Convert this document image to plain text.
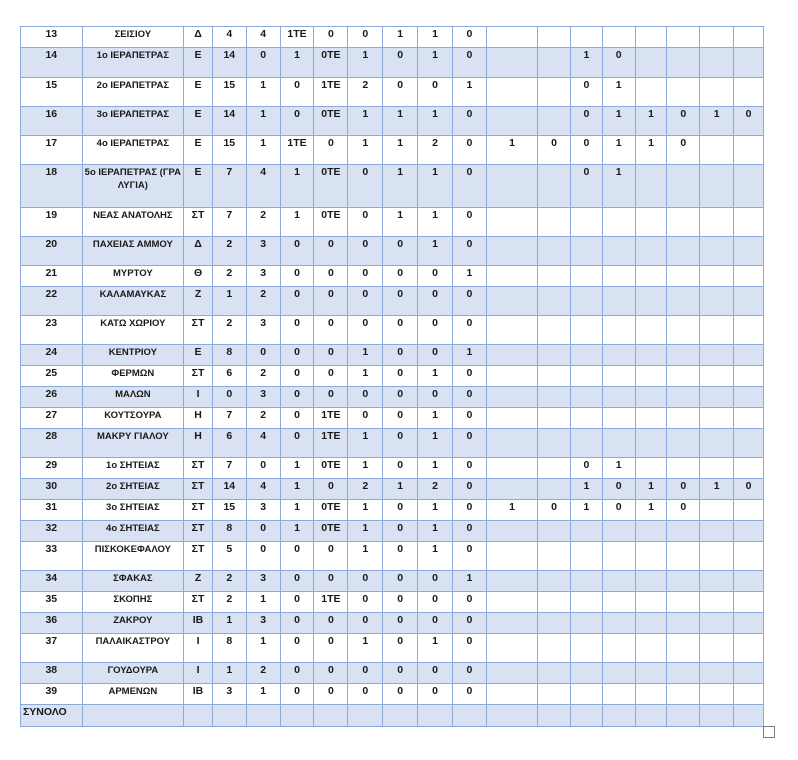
13	ΣΕΙΣΙΟΥ	Δ	4	4	1ΤΕ	0	0	1	1	0								
14	1ο ΙΕΡΑΠΕΤΡΑΣ	Ε	14	0	1	0ΤΕ	1	0	1	0			1	0				
15	2ο ΙΕΡΑΠΕΤΡΑΣ	Ε	15	1	0	1ΤΕ	2	0	0	1			0	1				
16	3ο ΙΕΡΑΠΕΤΡΑΣ	Ε	14	1	0	0ΤΕ	1	1	1	0			0	1	1	0	1	0
17	4ο ΙΕΡΑΠΕΤΡΑΣ	Ε	15	1	1ΤΕ	0	1	1	2	0	1	0	0	1	1	0		
18	5ο ΙΕΡΑΠΕΤΡΑΣ (ΓΡΑ ΛΥΓΙΑ)	Ε	7	4	1	0ΤΕ	0	1	1	0			0	1				
19	ΝΕΑΣ ΑΝΑΤΟΛΗΣ	ΣΤ	7	2	1	0ΤΕ	0	1	1	0								
20	ΠΑΧΕΙΑΣ ΑΜΜΟΥ	Δ	2	3	0	0	0	0	1	0								
21	ΜΥΡΤΟΥ	Θ	2	3	0	0	0	0	0	1								
22	ΚΑΛΑΜΑΥΚΑΣ	Ζ	1	2	0	0	0	0	0	0								
23	ΚΑΤΩ ΧΩΡΙΟΥ	ΣΤ	2	3	0	0	0	0	0	0								
24	ΚΕΝΤΡΙΟΥ	Ε	8	0	0	0	1	0	0	1								
25	ΦΕΡΜΩΝ	ΣΤ	6	2	0	0	1	0	1	0								
26	ΜΑΛΩΝ	Ι	0	3	0	0	0	0	0	0								
27	ΚΟΥΤΣΟΥΡΑ	Η	7	2	0	1ΤΕ	0	0	1	0								
28	ΜΑΚΡΥ ΓΙΑΛΟΥ	Η	6	4	0	1ΤΕ	1	0	1	0								
29	1ο ΣΗΤΕΙΑΣ	ΣΤ	7	0	1	0ΤΕ	1	0	1	0			0	1				
30	2ο ΣΗΤΕΙΑΣ	ΣΤ	14	4	1	0	2	1	2	0			1	0	1	0	1	0
31	3ο ΣΗΤΕΙΑΣ	ΣΤ	15	3	1	0ΤΕ	1	0	1	0	1	0	1	0	1	0		
32	4ο ΣΗΤΕΙΑΣ	ΣΤ	8	0	1	0ΤΕ	1	0	1	0								
33	ΠΙΣΚΟΚΕΦΑΛΟΥ	ΣΤ	5	0	0	0	1	0	1	0								
34	ΣΦΑΚΑΣ	Ζ	2	3	0	0	0	0	0	1								
35	ΣΚΟΠΗΣ	ΣΤ	2	1	0	1ΤΕ	0	0	0	0								
36	ΖΑΚΡΟΥ	ΙΒ	1	3	0	0	0	0	0	0								
37	ΠΑΛΑΙΚΑΣΤΡΟΥ	Ι	8	1	0	0	1	0	1	0								
38	ΓΟΥΔΟΥΡΑ	Ι	1	2	0	0	0	0	0	0								
39	ΑΡΜΕΝΩΝ	ΙΒ	3	1	0	0	0	0	0	0								
ΣΥΝΟΛΟ																		
